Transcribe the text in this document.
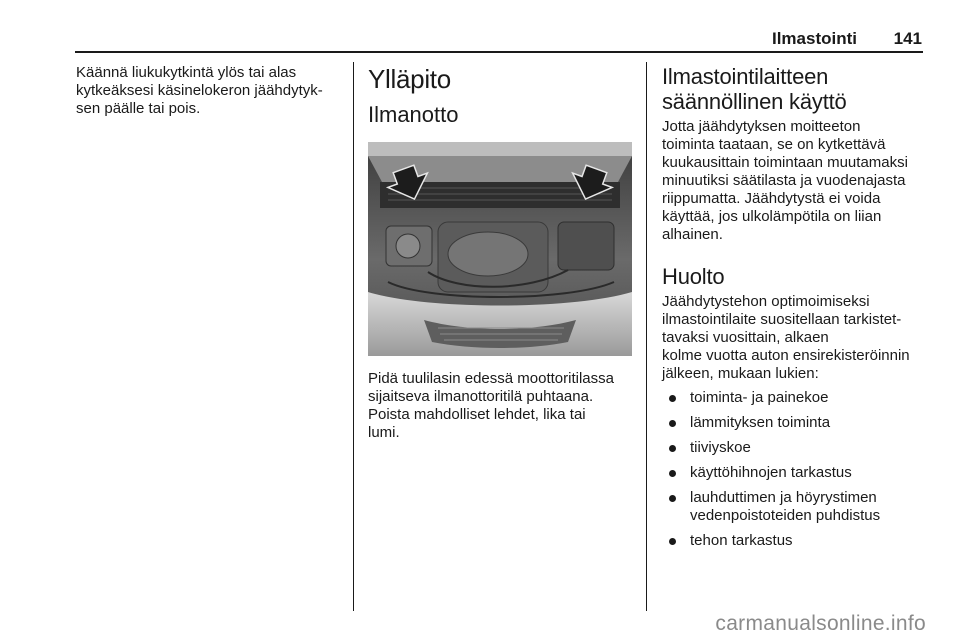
Ilmastointi 141

Käännä liukukytkintä ylös tai alas
kytkeäksesi käsinelokeron jäähdytyk-
sen päälle tai pois.

Ylläpito
Ilmanotto

Pidä tuulilasin edessä moottoritilassa
sijaitseva ilmanottoritilä puhtaana.
Poista mahdolliset lehdet, lika tai
lumi.

Ilmastointilaitteen
säännöllinen käyttö

Jotta jäähdytyksen moitteeton
toiminta taataan, se on kytkettävä
kuukausittain toimintaan muutamaksi
minuutiksi säätilasta ja vuodenajasta
riippumatta. Jäähdytystä ei voida
käyttää, jos ulkolämpötila on liian
alhainen.

Huolto

Jäähdytystehon optimoimiseksi
ilmastointilaite suositellaan tarkistet-
tavaksi vuosittain, alkaen
kolme vuotta auton ensirekisteröinnin
jälkeen, mukaan lukien:

toiminta- ja painekoe
lämmityksen toiminta
tiiviyskoe
käyttöhihnojen tarkastus
lauhduttimen ja höyrystimen
vedenpoistoteiden puhdistus
tehon tarkastus
carmanualsonline.info
